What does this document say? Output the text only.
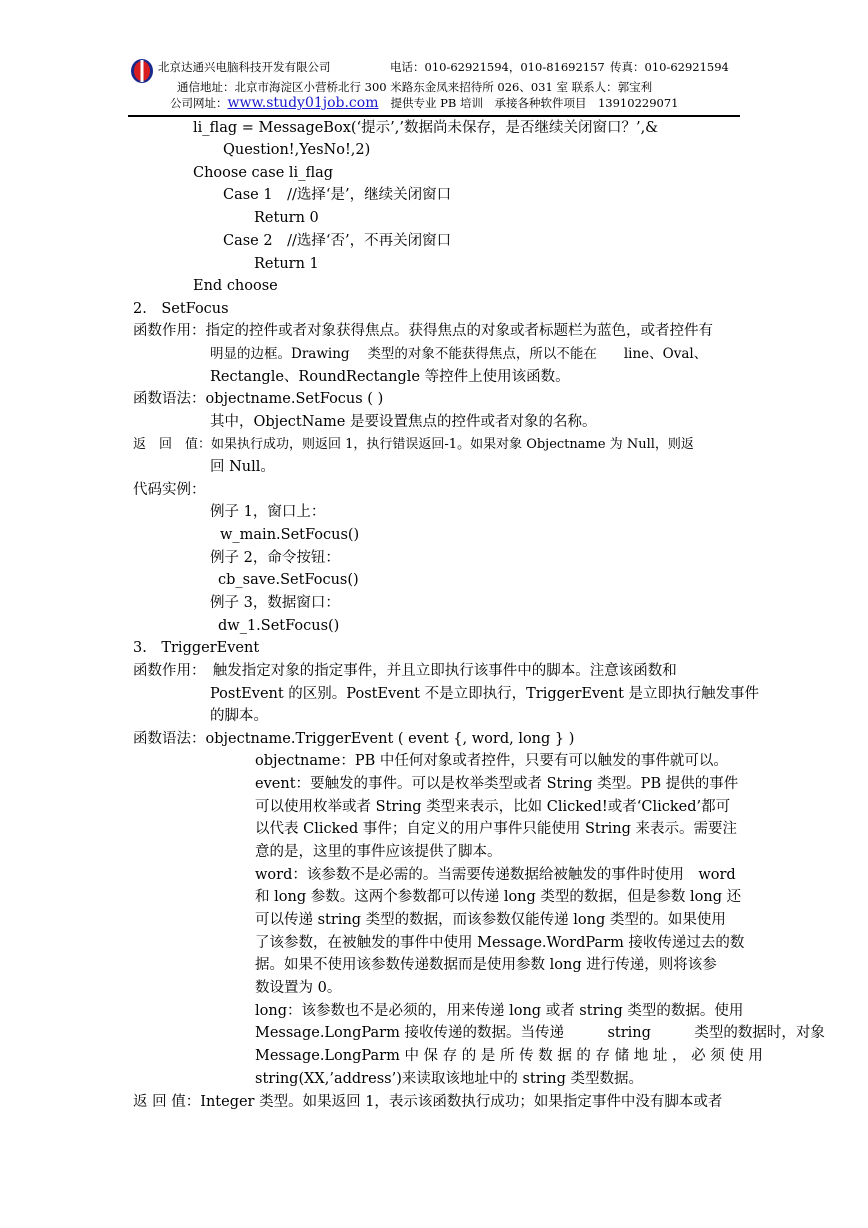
北京达通兴电脑科技开发有限公司	电话：010-62921594，010-81692157 传真：010-62921594
通信地址：北京市海淀区小营桥北行 300 米路东金凤来招待所 026、031 室 联系人：郭宝利
公司网址：www.study01job.com 提供专业 PB 培训　承接各种软件项目　13910229071
li_flag = MessageBox(‘提示’,’数据尚未保存，是否继续关闭窗口？’,&
Question!,YesNo!,2)
Choose case li_flag
Case 1　//选择‘是’，继续关闭窗口
Return 0
Case 2　//选择‘否’，不再关闭窗口
Return 1
End choose
2.　SetFocus
函数作用：指定的控件或者对象获得焦点。获得焦点的对象或者标题栏为蓝色，或者控件有
明显的边框。Drawing　 类型的对象不能获得焦点，所以不能在　　line、Oval、
Rectangle、RoundRectangle 等控件上使用该函数。
函数语法：objectname.SetFocus ( )
其中，ObjectName 是要设置焦点的控件或者对象的名称。
返　回　值：如果执行成功，则返回 1，执行错误返回-1。如果对象 Objectname 为 Null，则返
回 Null。
代码实例：
例子 1，窗口上：
w_main.SetFocus()
例子 2，命令按钮：
cb_save.SetFocus()
例子 3，数据窗口：
dw_1.SetFocus()
3.　TriggerEvent
函数作用：　触发指定对象的指定事件，并且立即执行该事件中的脚本。注意该函数和
PostEvent 的区别。PostEvent 不是立即执行，TriggerEvent 是立即执行触发事件
的脚本。
函数语法：objectname.TriggerEvent ( event {, word, long } )
objectname：PB 中任何对象或者控件，只要有可以触发的事件就可以。
event：要触发的事件。可以是枚举类型或者 String 类型。PB 提供的事件
可以使用枚举或者 String 类型来表示，比如 Clicked!或者‘Clicked’都可
以代表 Clicked 事件；自定义的用户事件只能使用 String 来表示。需要注
意的是，这里的事件应该提供了脚本。
word：该参数不是必需的。当需要传递数据给被触发的事件时使用　word
和 long 参数。这两个参数都可以传递 long 类型的数据，但是参数 long 还
可以传递 string 类型的数据，而该参数仅能传递 long 类型的。如果使用
了该参数，在被触发的事件中使用 Message.WordParm 接收传递过去的数
据。如果不使用该参数传递数据而是使用参数 long 进行传递，则将该参
数设置为 0。
long：该参数也不是必须的，用来传递 long 或者 string 类型的数据。使用
Message.LongParm 接收传递的数据。当传递　　　string　　　类型的数据时，对象
Message.LongParm 中 保 存 的 是 所 传 数 据 的 存 储 地 址 ， 必 须 使 用
string(XX,’address’)来读取该地址中的 string 类型数据。
返 回 值：Integer 类型。如果返回 1，表示该函数执行成功；如果指定事件中没有脚本或者
